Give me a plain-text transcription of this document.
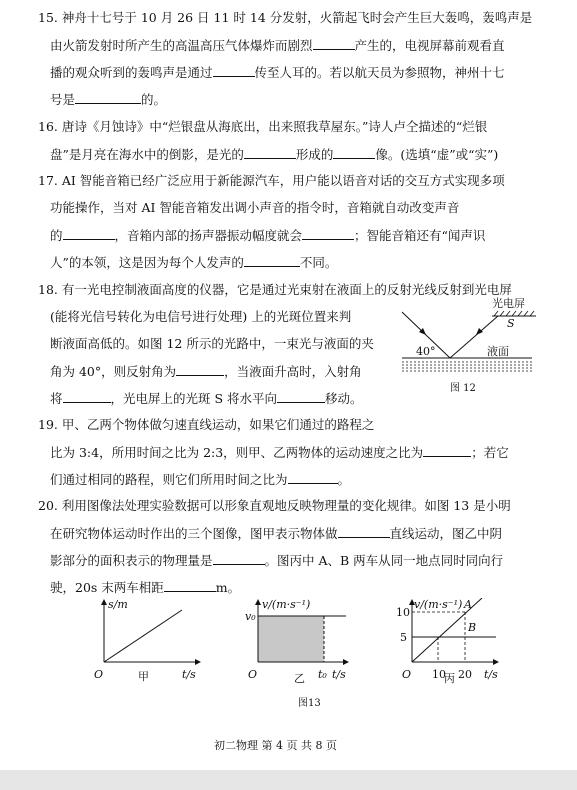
15. 神舟十七号于 10 月 26 日 11 时 14 分发射，火箭起飞时会产生巨大轰鸣，轰鸣声是
由火箭发射时所产生的高温高压气体爆炸而剧烈	产生的，电视屏幕前观看直
播的观众听到的轰鸣声是通过	传至人耳的。若以航天员为参照物，神州十七
号是	的。
16. 唐诗《月蚀诗》中“烂银盘从海底出，出来照我草屋东。”诗人卢仝描述的“烂银
盘”是月亮在海水中的倒影，是光的	形成的	像。(选填“虚”或“实”)
17. AI 智能音箱已经广泛应用于新能源汽车，用户能以语音对话的交互方式实现多项
功能操作，当对 AI 智能音箱发出调小声音的指令时，音箱就自动改变声音
的	，音箱内部的扬声器振动幅度就会	；智能音箱还有“闻声识
人”的本领，这是因为每个人发声的	不同。
18. 有一光电控制液面高度的仪器，它是通过光束射在液面上的反射光线反射到光电屏
(能将光信号转化为电信号进行处理) 上的光斑位置来判
断液面高低的。如图 12 所示的光路中，一束光与液面的夹
角为 40°，则反射角为	，当液面升高时，入射角
将	，光电屏上的光斑 S 将水平向	移动。
光电屏
S
40°	液面
图 12
19. 甲、乙两个物体做匀速直线运动，如果它们通过的路程之
比为 3:4，所用时间之比为 2:3，则甲、乙两物体的运动速度之比为	；若它
们通过相同的路程，则它们所用时间之比为	。
20. 利用图像法处理实验数据可以形象直观地反映物理量的变化规律。如图 13 是小明
在研究物体运动时作出的三个图像，图甲表示物体做	直线运动，图乙中阴
影部分的面积表示的物理量是	。图丙中 A、B 两车从同一地点同时同向行
驶，20s 末两车相距	m。
s/m
t/s
O	甲
v/(m·s⁻¹)
v₀
t₀ t/s
O	乙
v/(m·s⁻¹) A
B
10
5
10 20 t/s
O	丙
图13
初二物理 第 4 页 共 8 页
